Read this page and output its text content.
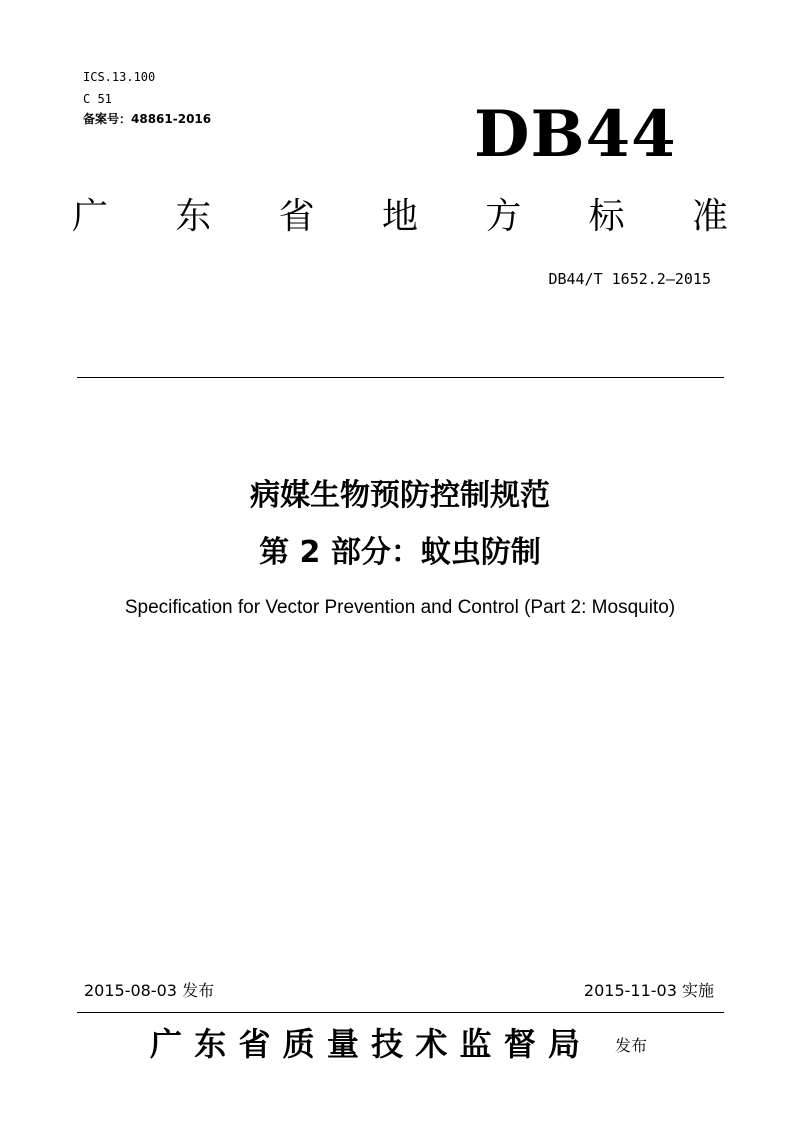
ICS.13.100
C 51
备案号：48861-2016	DB44
广 东 省 地 方 标 准
DB44/T 1652.2—2015
病媒生物预防控制规范
第 2 部分：蚊虫防制
Specification for Vector Prevention and Control (Part 2: Mosquito)
2015-08-03 发布	2015-11-03 实施
广 东 省 质 量 技 术 监 督 局 发布
